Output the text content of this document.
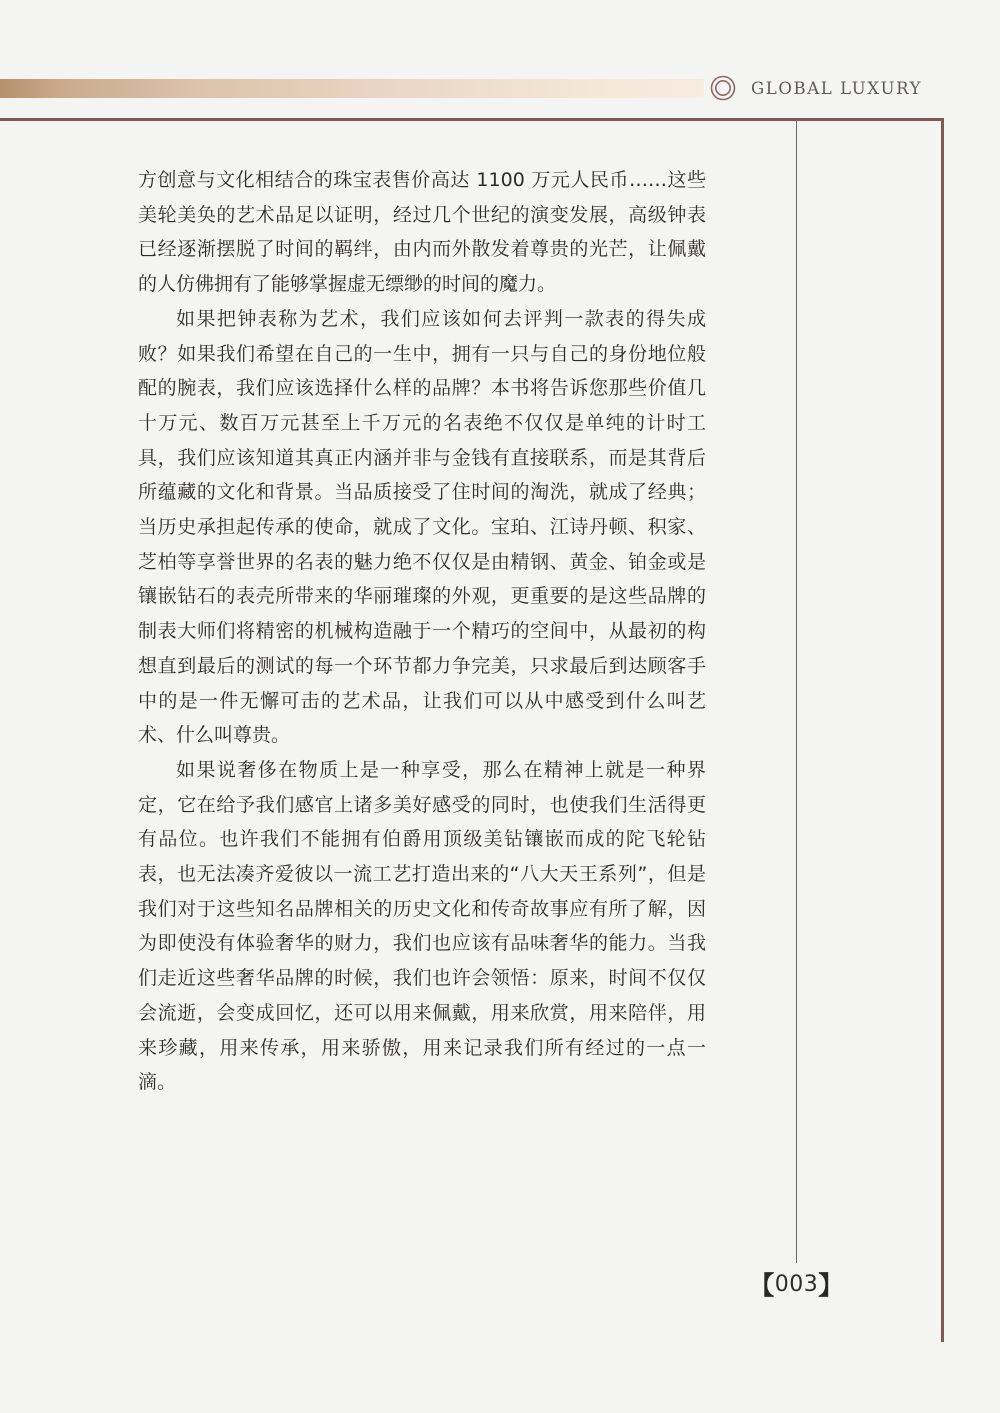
GLOBAL LUXURY

方创意与文化相结合的珠宝表售价高达 1100 万元人民币……这些美轮美奂的艺术品足以证明，经过几个世纪的演变发展，高级钟表已经逐渐摆脱了时间的羁绊，由内而外散发着尊贵的光芒，让佩戴的人仿佛拥有了能够掌握虚无缥缈的时间的魔力。

如果把钟表称为艺术，我们应该如何去评判一款表的得失成败？如果我们希望在自己的一生中，拥有一只与自己的身份地位般配的腕表，我们应该选择什么样的品牌？本书将告诉您那些价值几十万元、数百万元甚至上千万元的名表绝不仅仅是单纯的计时工具，我们应该知道其真正内涵并非与金钱有直接联系，而是其背后所蕴藏的文化和背景。当品质接受了住时间的淘洗，就成了经典；当历史承担起传承的使命，就成了文化。宝珀、江诗丹顿、积家、芝柏等享誉世界的名表的魅力绝不仅仅是由精钢、黄金、铂金或是镶嵌钻石的表壳所带来的华丽璀璨的外观，更重要的是这些品牌的制表大师们将精密的机械构造融于一个精巧的空间中，从最初的构想直到最后的测试的每一个环节都力争完美，只求最后到达顾客手中的是一件无懈可击的艺术品，让我们可以从中感受到什么叫艺术、什么叫尊贵。

如果说奢侈在物质上是一种享受，那么在精神上就是一种界定，它在给予我们感官上诸多美好感受的同时，也使我们生活得更有品位。也许我们不能拥有伯爵用顶级美钻镶嵌而成的陀飞轮钻表，也无法凑齐爱彼以一流工艺打造出来的“八大天王系列”，但是我们对于这些知名品牌相关的历史文化和传奇故事应有所了解，因为即使没有体验奢华的财力，我们也应该有品味奢华的能力。当我们走近这些奢华品牌的时候，我们也许会领悟：原来，时间不仅仅会流逝，会变成回忆，还可以用来佩戴，用来欣赏，用来陪伴，用来珍藏，用来传承，用来骄傲，用来记录我们所有经过的一点一滴。

【 003 】
